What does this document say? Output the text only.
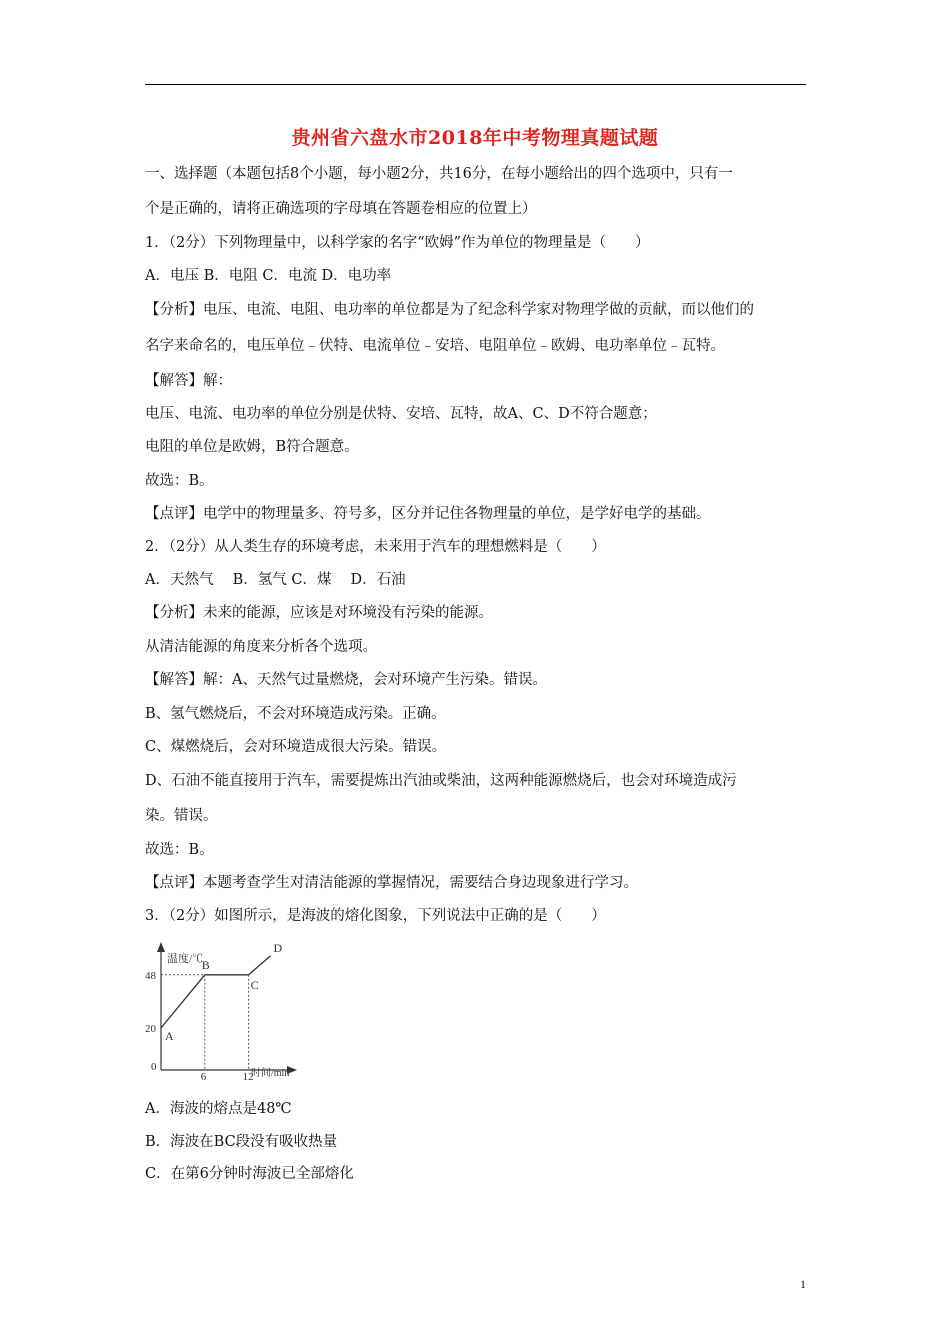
贵州省六盘水市2018年中考物理真题试题
一、选择题（本题包括8个小题，每小题2分，共16分，在每小题给出的四个选项中，只有一
个是正确的，请将正确选项的字母填在答题卷相应的位置上）
1．（2分）下列物理量中，以科学家的名字“欧姆”作为单位的物理量是（　　）
A．电压 B．电阻 C．电流 D．电功率
【分析】电压、电流、电阻、电功率的单位都是为了纪念科学家对物理学做的贡献，而以他们的
名字来命名的，电压单位﹣伏特、电流单位﹣安培、电阻单位﹣欧姆、电功率单位﹣瓦特。
【解答】解：
电压、电流、电功率的单位分别是伏特、安培、瓦特，故A、C、D不符合题意；
电阻的单位是欧姆，B符合题意。
故选：B。
【点评】电学中的物理量多、符号多，区分并记住各物理量的单位，是学好电学的基础。
2．（2分）从人类生存的环境考虑，未来用于汽车的理想燃料是（　　）
A．天然气　 B．氢气 C．煤　 D．石油
【分析】未来的能源，应该是对环境没有污染的能源。
从清洁能源的角度来分析各个选项。
【解答】解：A、天然气过量燃烧，会对环境产生污染。错误。
B、氢气燃烧后，不会对环境造成污染。正确。
C、煤燃烧后，会对环境造成很大污染。错误。
D、石油不能直接用于汽车，需要提炼出汽油或柴油，这两种能源燃烧后，也会对环境造成污
染。错误。
故选：B。
【点评】本题考查学生对清洁能源的掌握情况，需要结合身边现象进行学习。
3．（2分）如图所示，是海波的熔化图象，下列说法中正确的是（　　）
温度/℃
时间/min
0
6	12
20
48
A
B
C
D
A．海波的熔点是48℃
B．海波在BC段没有吸收热量
C．在第6分钟时海波已全部熔化
1
